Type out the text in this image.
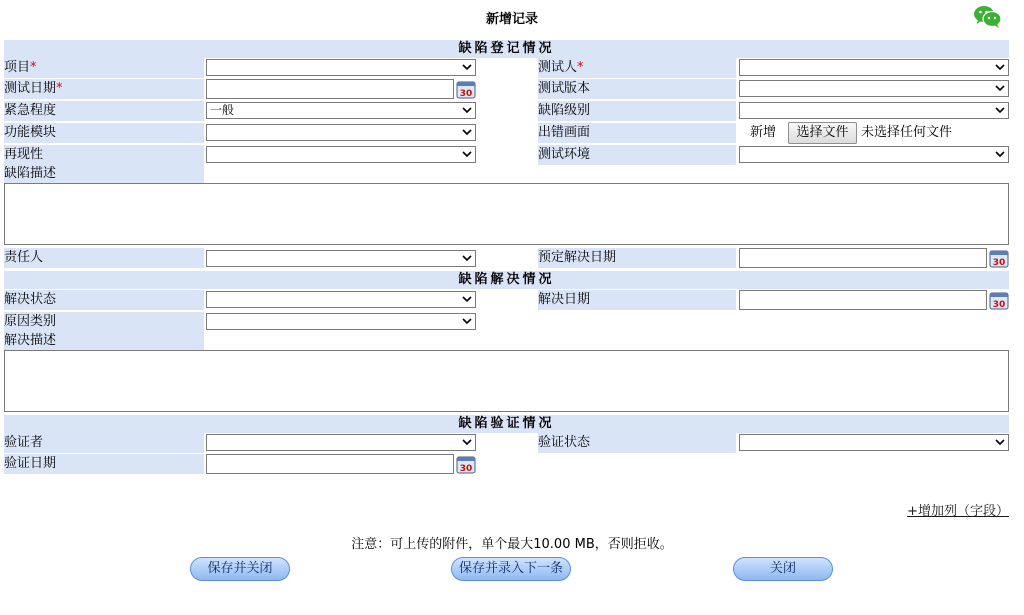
新增记录
缺陷登记情况
项目*	测试人*
测试日期*	30	测试版本
紧急程度	一般	缺陷级别
功能模块	出错画面	新增	选择文件 未选择任何文件
再现性	测试环境
缺陷描述
责任人	预定解决日期	30
缺陷解决情况
解决状态	解决日期	30
原因类别
解决描述
缺陷验证情况
验证者	验证状态
验证日期	30
+增加列（字段）
注意：可上传的附件，单个最大10.00 MB，否则拒收。
保存并关闭	保存并录入下一条	关闭
